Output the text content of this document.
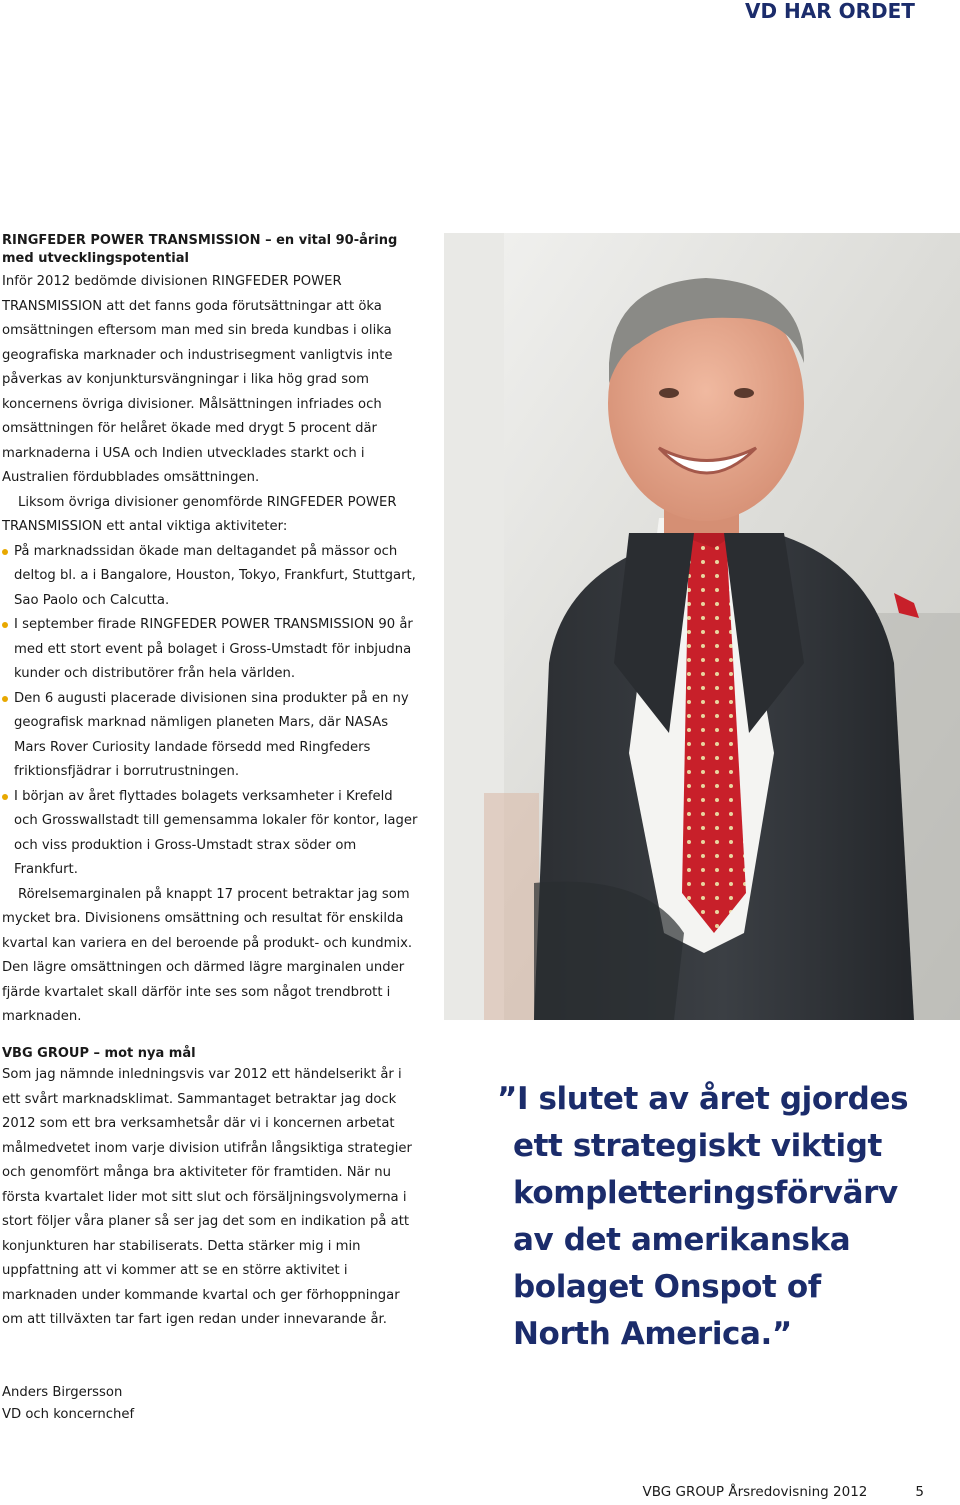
VD HAR ORDET

RINGFEDER POWER TRANSMISSION – en vital 90-åring
med utvecklingspotential

Inför 2012 bedömde divisionen RINGFEDER POWER TRANSMISSION att det fanns goda förutsättningar att öka omsättningen eftersom man med sin breda kundbas i olika geografiska marknader och industrisegment vanligtvis inte påverkas av konjunktursvängningar i lika hög grad som koncernens övriga divisioner. Målsättningen infriades och omsättningen för helåret ökade med drygt 5 procent där marknaderna i USA och Indien utvecklades starkt och i Australien fördubblades omsättningen.

Liksom övriga divisioner genomförde RINGFEDER POWER TRANSMISSION ett antal viktiga aktiviteter:

På marknadssidan ökade man deltagandet på mässor och deltog bl. a i Bangalore, Houston, Tokyo, Frankfurt, Stuttgart, Sao Paolo och Calcutta.
I september firade RINGFEDER POWER TRANSMISSION 90 år med ett stort event på bolaget i Gross-Umstadt för inbjudna kunder och distributörer från hela världen.
Den 6 augusti placerade divisionen sina produkter på en ny geografisk marknad nämligen planeten Mars, där NASAs Mars Rover Curiosity landade försedd med Ringfeders friktionsfjädrar i borrutrustningen.
I början av året flyttades bolagets verksamheter i Krefeld och Grosswallstadt till gemensamma lokaler för kontor, lager och viss produktion i Gross-Umstadt strax söder om Frankfurt.

Rörelsemarginalen på knappt 17 procent betraktar jag som mycket bra. Divisionens omsättning och resultat för enskilda kvartal kan variera en del beroende på produkt- och kundmix. Den lägre omsättningen och därmed lägre marginalen under fjärde kvartalet skall därför inte ses som något trendbrott i marknaden.

VBG GROUP – mot nya mål

Som jag nämnde inledningsvis var 2012 ett händelserikt år i ett svårt marknadsklimat. Sammantaget betraktar jag dock 2012 som ett bra verksamhetsår där vi i koncernen arbetat målmedvetet inom varje division utifrån långsiktiga strategier och genomfört många bra aktiviteter för framtiden. När nu första kvartalet lider mot sitt slut och försäljningsvolymerna i stort följer våra planer så ser jag det som en indikation på att konjunkturen har stabiliserats. Detta stärker mig i min uppfattning att vi kommer att se en större aktivitet i marknaden under kommande kvartal och ger förhoppningar om att tillväxten tar fart igen redan under innevarande år.

”I slutet av året gjordes
ett strategiskt viktigt
kompletteringsförvärv
av det amerikanska
bolaget Onspot of
North America.”
Anders Birgersson
VD och koncernchef
VBG GROUP Årsredovisning 2012	5
